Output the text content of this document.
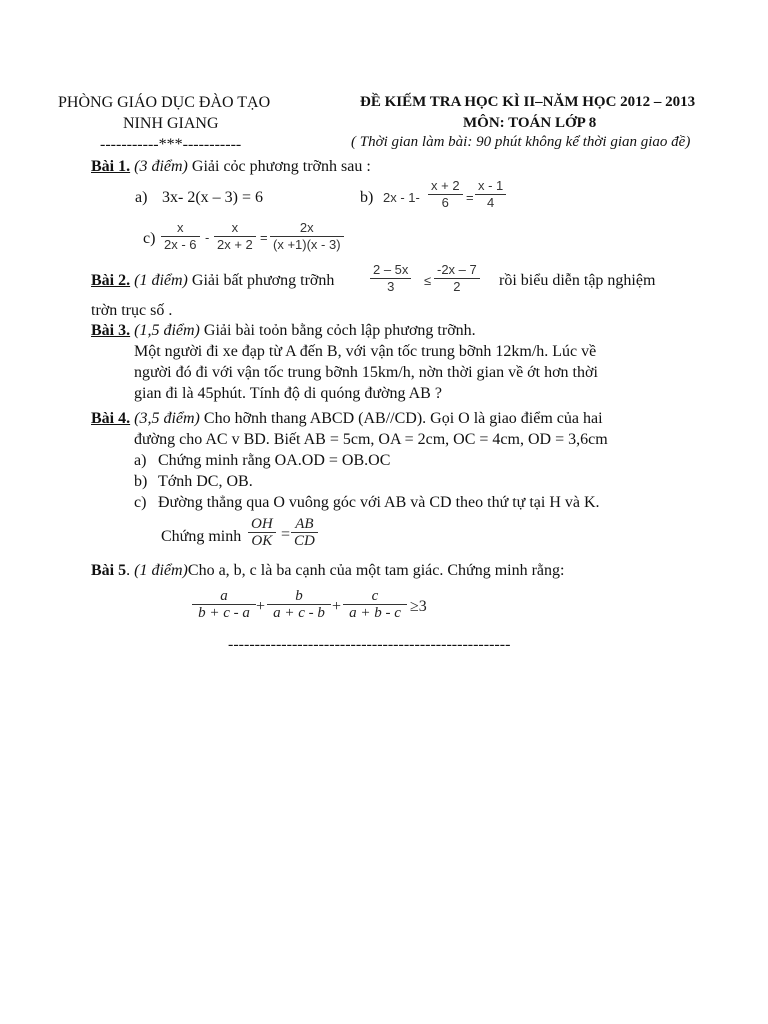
PHÒNG GIÁO DỤC ĐÀO TẠO
NINH GIANG
-----------***-----------
ĐỀ KIẾM TRA HỌC KÌ II–NĂM HỌC 2012 – 2013
MÔN: TOÁN LỚP 8
( Thời gian làm bài: 90 phút không kể thời gian giao đề)
Bài 1. (3 điểm) Giải cỏc phương trỡnh sau :
a) 3x- 2(x – 3) = 6	b) 2x - 1-
x + 2
6 =
x - 1
4
c)
x
2x - 6 -
x
2x + 2 =
2x
(x +1)(x - 3)
Bài 2. (1 điểm) Giải bất phương trỡnh
2 – 5x
3 ≤
-2x – 7
2 rồi biểu diễn tập nghiệm
trờn trục số .
Bài 3. (1,5 điểm) Giải bài toỏn bằng cỏch lập phương trỡnh.
Một người đi xe đạp từ A đến B, với vận tốc trung bỡnh 12km/h. Lúc về
người đó đi với vận tốc trung bỡnh 15km/h, nờn thời gian về ớt hơn thời
gian đi là 45phút. Tính độ di quóng đường AB ?
Bài 4. (3,5 điểm) Cho hỡnh thang ABCD (AB//CD). Gọi O là giao điểm của hai
đường cho AC v BD. Biết AB = 5cm, OA = 2cm, OC = 4cm, OD = 3,6cm
a) Chứng minh rằng OA.OD = OB.OC
b) Tớnh DC, OB.
c) Đường thẳng qua O vuông góc với AB và CD theo thứ tự tại H và K.
Chứng minh
OH
OK =
AB
CD
Bài 5. (1 điểm)Cho a, b, c là ba cạnh của một tam giác. Chứng minh rằng:
a
b + c - a +
b
a + c - b +
c
a + b - c ≥3
-----------------------------------------------------
